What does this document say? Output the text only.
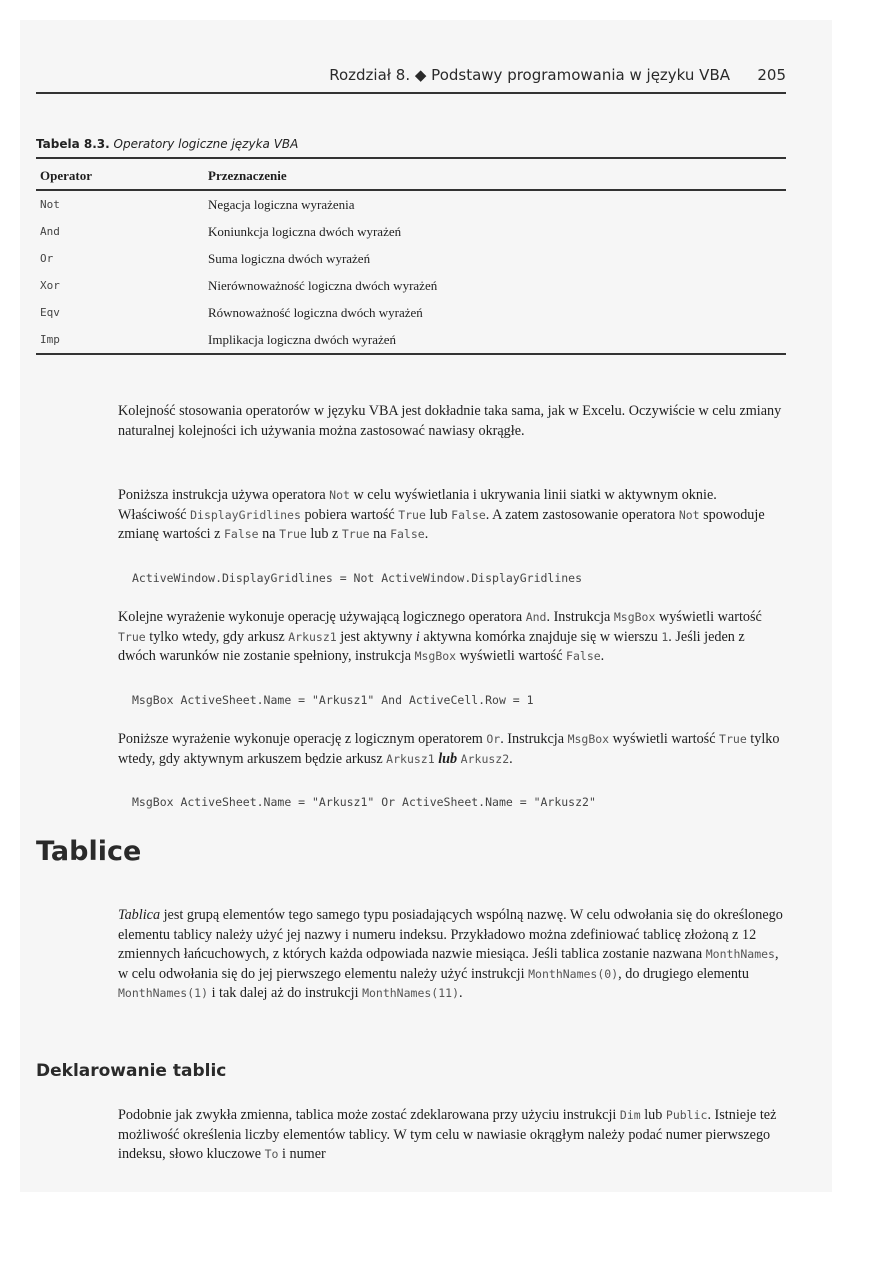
Rozdział 8. ◆ Podstawy programowania w języku VBA 205
Tabela 8.3. Operatory logiczne języka VBA
Operator	Przeznaczenie
Not	Negacja logiczna wyrażenia
And	Koniunkcja logiczna dwóch wyrażeń
Or	Suma logiczna dwóch wyrażeń
Xor	Nierównoważność logiczna dwóch wyrażeń
Eqv	Równoważność logiczna dwóch wyrażeń
Imp	Implikacja logiczna dwóch wyrażeń

Kolejność stosowania operatorów w języku VBA jest dokładnie taka sama, jak w Excelu. Oczywiście w celu zmiany naturalnej kolejności ich używania można zastosować nawiasy okrągłe.

Poniższa instrukcja używa operatora Not w celu wyświetlania i ukrywania linii siatki w aktywnym oknie. Właściwość DisplayGridlines pobiera wartość True lub False. A zatem zastosowanie operatora Not spowoduje zmianę wartości z False na True lub z True na False.

ActiveWindow.DisplayGridlines = Not ActiveWindow.DisplayGridlines

Kolejne wyrażenie wykonuje operację używającą logicznego operatora And. Instrukcja MsgBox wyświetli wartość True tylko wtedy, gdy arkusz Arkusz1 jest aktywny i aktywna komórka znajduje się w wierszu 1. Jeśli jeden z dwóch warunków nie zostanie spełniony, instrukcja MsgBox wyświetli wartość False.

MsgBox ActiveSheet.Name = "Arkusz1" And ActiveCell.Row = 1

Poniższe wyrażenie wykonuje operację z logicznym operatorem Or. Instrukcja MsgBox wyświetli wartość True tylko wtedy, gdy aktywnym arkuszem będzie arkusz Arkusz1 lub Arkusz2.

MsgBox ActiveSheet.Name = "Arkusz1" Or ActiveSheet.Name = "Arkusz2"
Tablice

Tablica jest grupą elementów tego samego typu posiadających wspólną nazwę. W celu odwołania się do określonego elementu tablicy należy użyć jej nazwy i numeru indeksu. Przykładowo można zdefiniować tablicę złożoną z 12 zmiennych łańcuchowych, z których każda odpowiada nazwie miesiąca. Jeśli tablica zostanie nazwana MonthNames, w celu odwołania się do jej pierwszego elementu należy użyć instrukcji MonthNames(0), do drugiego elementu MonthNames(1) i tak dalej aż do instrukcji MonthNames(11).

Deklarowanie tablic

Podobnie jak zwykła zmienna, tablica może zostać zdeklarowana przy użyciu instrukcji Dim lub Public. Istnieje też możliwość określenia liczby elementów tablicy. W tym celu w nawiasie okrągłym należy podać numer pierwszego indeksu, słowo kluczowe To i numer
